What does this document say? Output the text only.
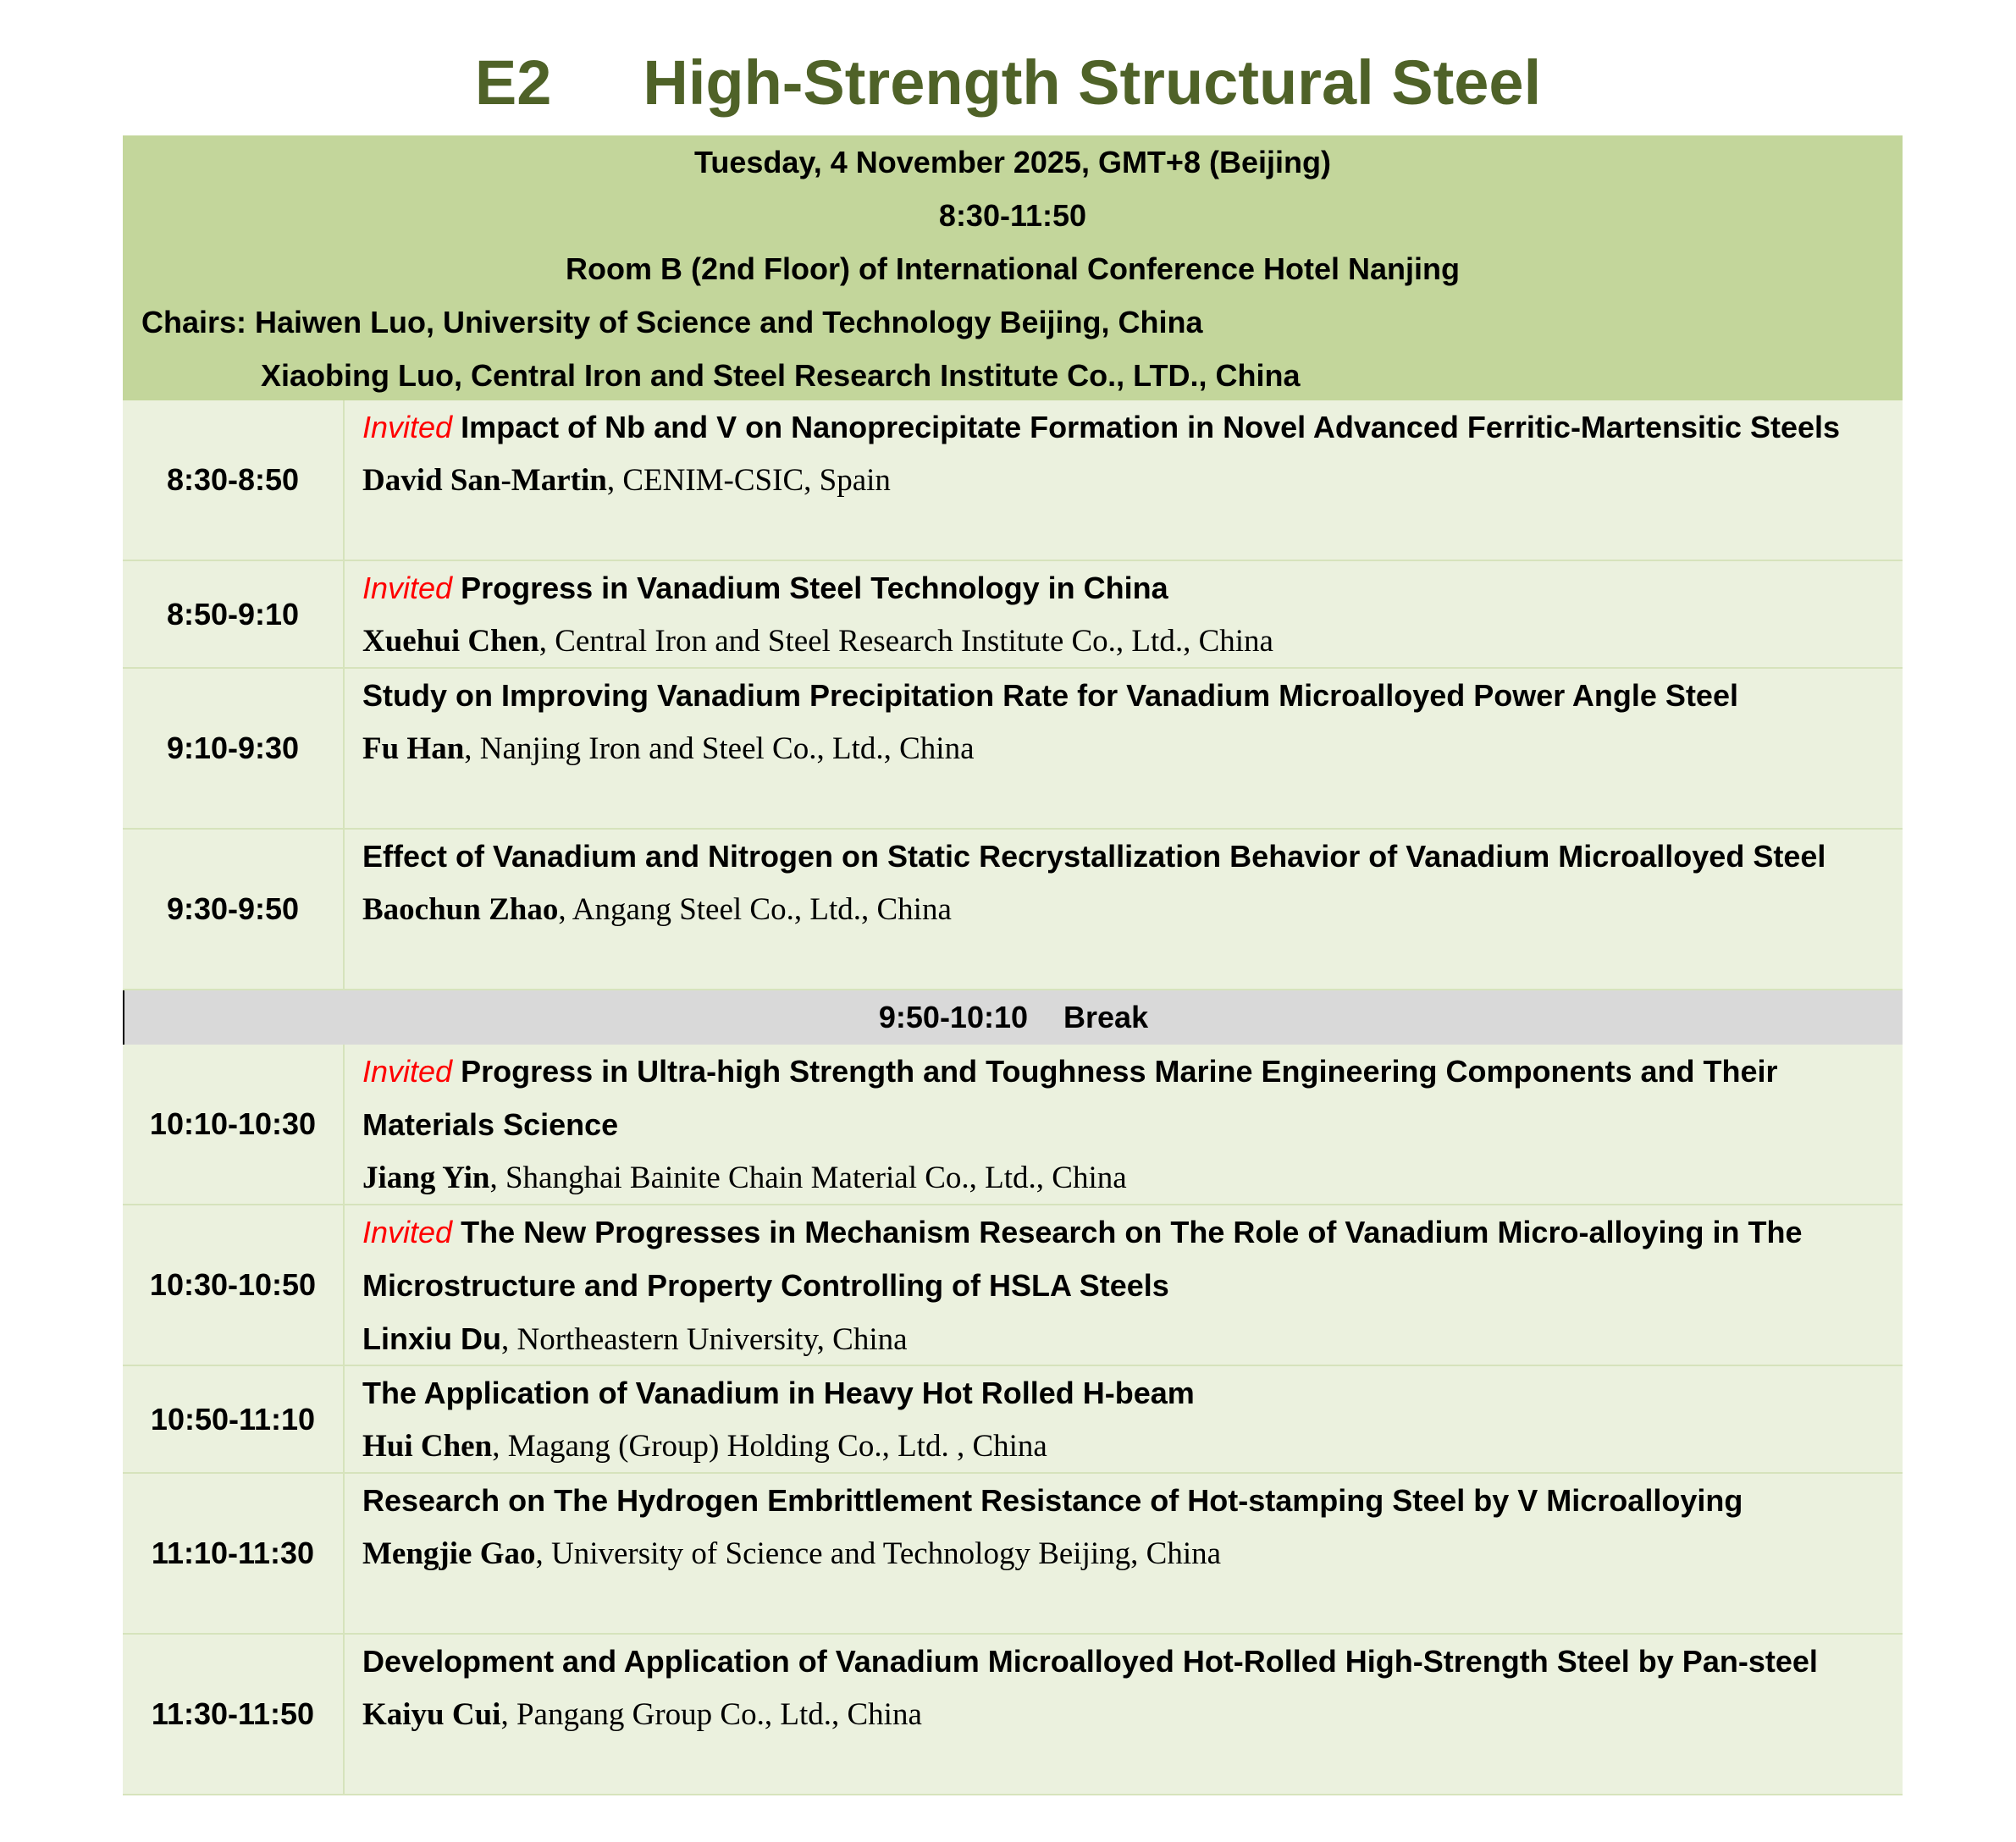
E2 High-Strength Structural Steel
Tuesday, 4 November 2025, GMT+8 (Beijing)
8:30-11:50
Room B (2nd Floor) of International Conference Hotel Nanjing
Chairs: Haiwen Luo, University of Science and Technology Beijing, China
Xiaobing Luo, Central Iron and Steel Research Institute Co., LTD., China
8:30-8:50
Invited Impact of Nb and V on Nanoprecipitate Formation in Novel Advanced Ferritic-Martensitic Steels
David San-Martin, CENIM-CSIC, Spain
8:50-9:10
Invited Progress in Vanadium Steel Technology in China
Xuehui Chen, Central Iron and Steel Research Institute Co., Ltd., China
9:10-9:30
Study on Improving Vanadium Precipitation Rate for Vanadium Microalloyed Power Angle Steel
Fu Han, Nanjing Iron and Steel Co., Ltd., China
9:30-9:50
Effect of Vanadium and Nitrogen on Static Recrystallization Behavior of Vanadium Microalloyed Steel
Baochun Zhao, Angang Steel Co., Ltd., China
9:50-10:10 Break
10:10-10:30
Invited Progress in Ultra-high Strength and Toughness Marine Engineering Components and Their Materials Science
Jiang Yin, Shanghai Bainite Chain Material Co., Ltd., China
10:30-10:50
Invited The New Progresses in Mechanism Research on The Role of Vanadium Micro-alloying in The Microstructure and Property Controlling of HSLA Steels
Linxiu Du, Northeastern University, China
10:50-11:10
The Application of Vanadium in Heavy Hot Rolled H-beam
Hui Chen, Magang (Group) Holding Co., Ltd. , China
11:10-11:30
Research on The Hydrogen Embrittlement Resistance of Hot-stamping Steel by V Microalloying
Mengjie Gao, University of Science and Technology Beijing, China
11:30-11:50
Development and Application of Vanadium Microalloyed Hot-Rolled High-Strength Steel by Pan-steel
Kaiyu Cui, Pangang Group Co., Ltd., China
